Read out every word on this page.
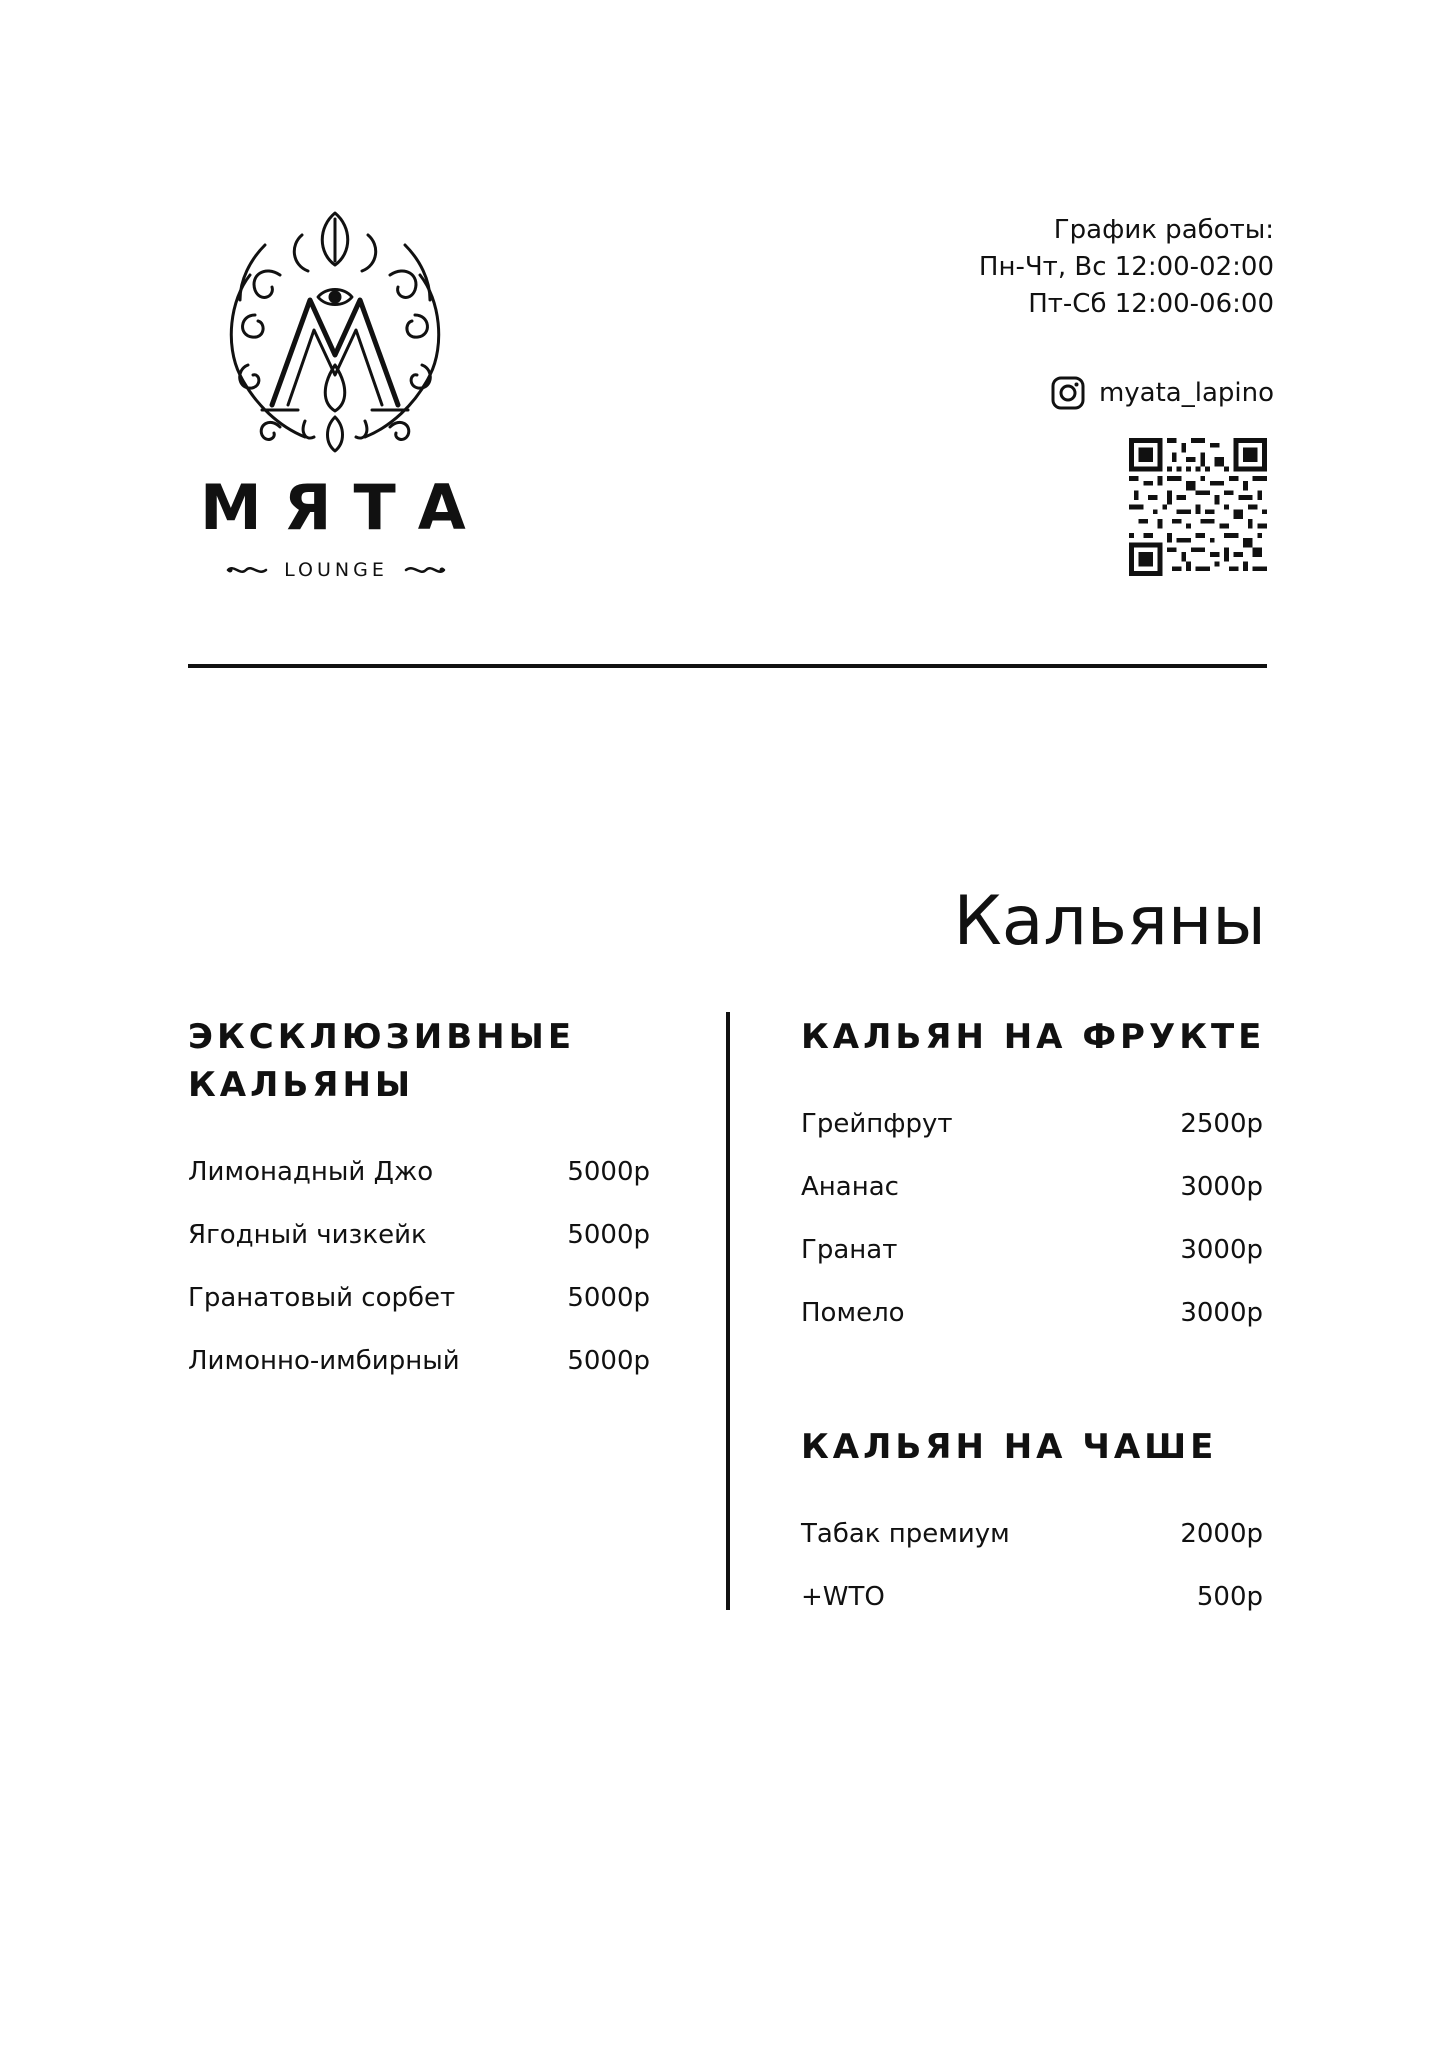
МЯТА
LOUNGE
График работы:
Пн-Чт, Вс 12:00-02:00
Пт-Сб 12:00-06:00
myata_lapino
Кальяны
ЭКСКЛЮЗИВНЫЕ
КАЛЬЯНЫ
Лимонадный Джо	5000р
Ягодный чизкейк	5000р
Гранатовый сорбет	5000р
Лимонно-имбирный	5000р
КАЛЬЯН НА ФРУКТЕ
Грейпфрут	2500р
Ананас	3000р
Гранат	3000р
Помело	3000р
КАЛЬЯН НА ЧАШЕ
Табак премиум	2000р
+WTO	500р
